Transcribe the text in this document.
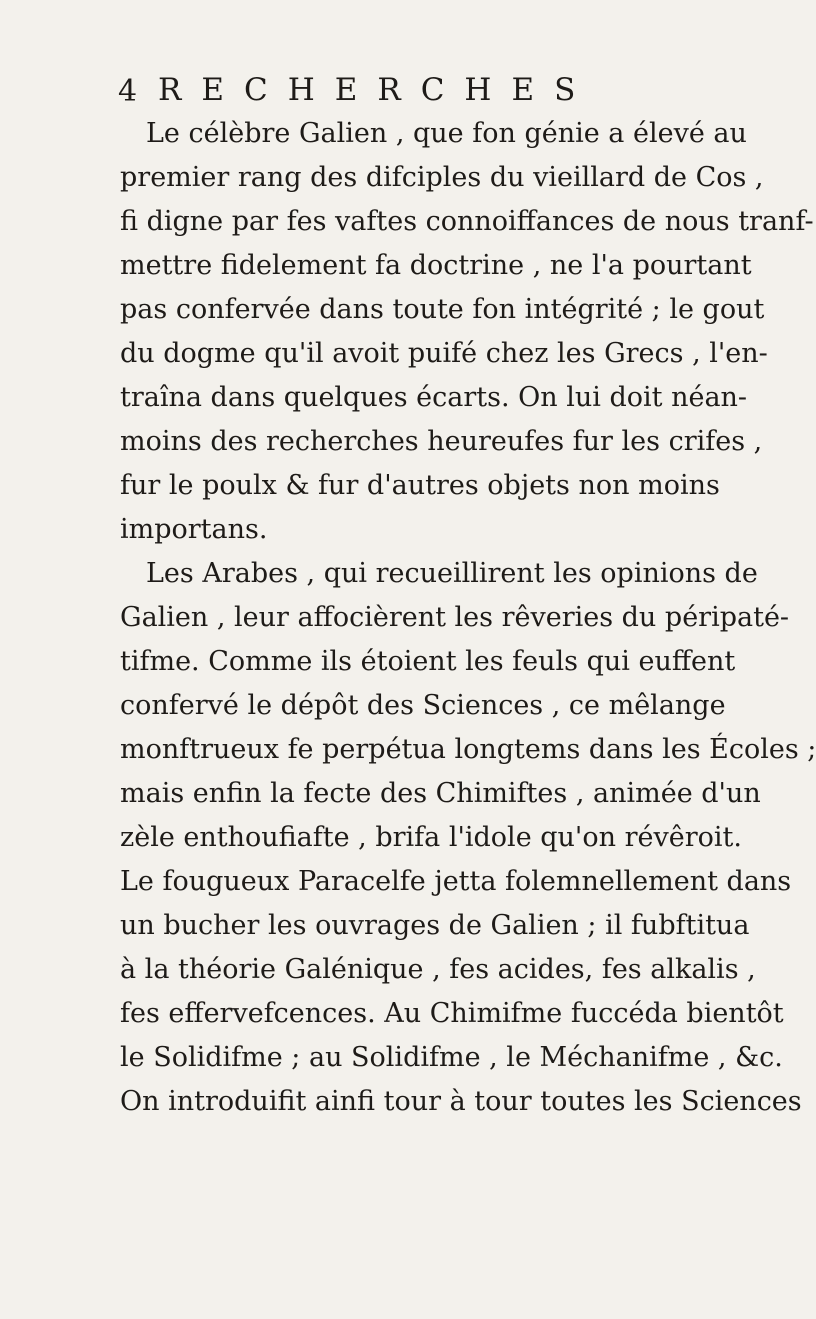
4 RECHERCHES
Le célèbre Galien , que fon génie a élevé au
premier rang des difciples du vieillard de Cos ,
fi digne par fes vaftes connoiffances de nous tranf-
mettre fidelement fa doctrine , ne l'a pourtant
pas confervée dans toute fon intégrité ; le gout
du dogme qu'il avoit puifé chez les Grecs , l'en-
traîna dans quelques écarts. On lui doit néan-
moins des recherches heureufes fur les crifes ,
fur le poulx & fur d'autres objets non moins
importans.
Les Arabes , qui recueillirent les opinions de
Galien , leur affocièrent les rêveries du péripaté-
tifme. Comme ils étoient les feuls qui euffent
confervé le dépôt des Sciences , ce mêlange
monftrueux fe perpétua longtems dans les Écoles ;
mais enfin la fecte des Chimiftes , animée d'un
zèle enthoufiafte , brifa l'idole qu'on révêroit.
Le fougueux Paracelfe jetta folemnellement dans
un bucher les ouvrages de Galien ; il fubftitua
à la théorie Galénique , fes acides, fes alkalis ,
fes effervefcences. Au Chimifme fuccéda bientôt
le Solidifme ; au Solidifme , le Méchanifme , &c.
On introduifit ainfi tour à tour toutes les Sciences
